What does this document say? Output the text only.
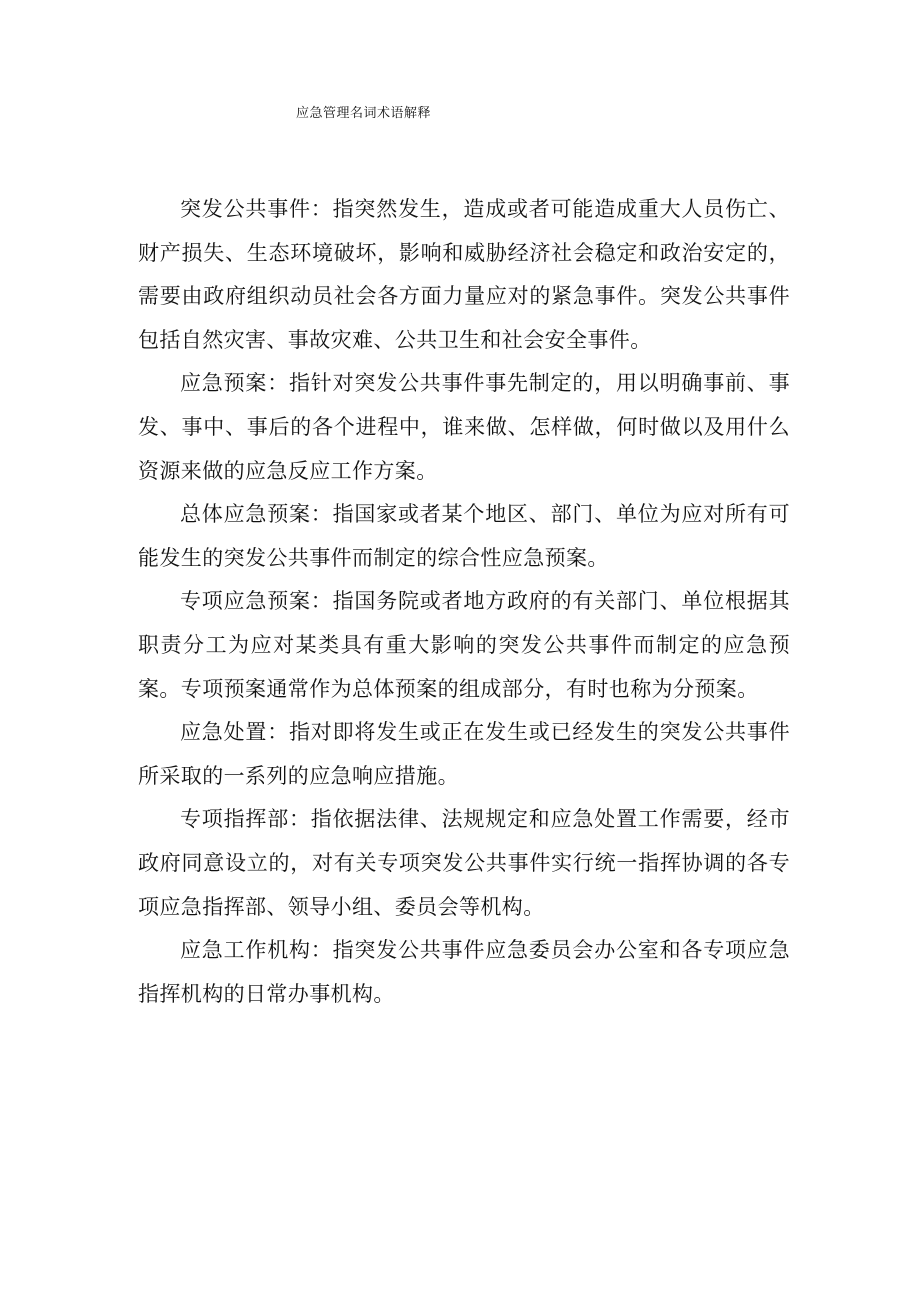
应急管理名词术语解释

突发公共事件：指突然发生，造成或者可能造成重大人员伤亡、财产损失、生态环境破坏，影响和威胁经济社会稳定和政治安定的，需要由政府组织动员社会各方面力量应对的紧急事件。突发公共事件包括自然灾害、事故灾难、公共卫生和社会安全事件。

应急预案：指针对突发公共事件事先制定的，用以明确事前、事发、事中、事后的各个进程中，谁来做、怎样做，何时做以及用什么资源来做的应急反应工作方案。

总体应急预案：指国家或者某个地区、部门、单位为应对所有可能发生的突发公共事件而制定的综合性应急预案。

专项应急预案：指国务院或者地方政府的有关部门、单位根据其职责分工为应对某类具有重大影响的突发公共事件而制定的应急预案。专项预案通常作为总体预案的组成部分，有时也称为分预案。

应急处置：指对即将发生或正在发生或已经发生的突发公共事件所采取的一系列的应急响应措施。

专项指挥部：指依据法律、法规规定和应急处置工作需要，经市政府同意设立的，对有关专项突发公共事件实行统一指挥协调的各专项应急指挥部、领导小组、委员会等机构。

应急工作机构：指突发公共事件应急委员会办公室和各专项应急指挥机构的日常办事机构。
